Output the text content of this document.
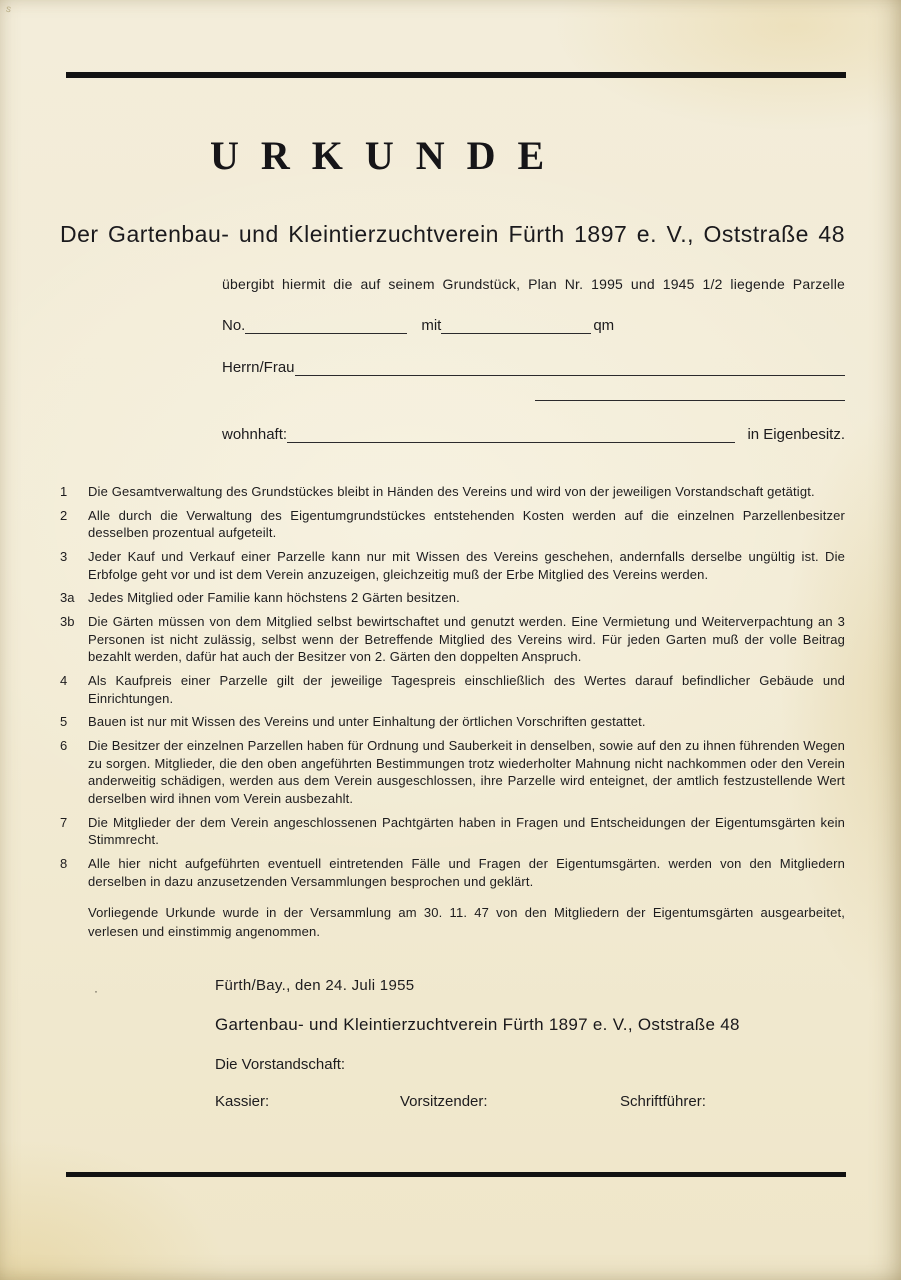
s
·
URKUNDE
Der Gartenbau- und Kleintierzuchtverein Fürth 1897 e. V., Oststraße 48
übergibt hiermit die auf seinem Grundstück, Plan Nr. 1995 und 1945 1/2 liegende Parzelle
No.	mit	qm
Herrn/Frau
wohnhaft:	in Eigenbesitz.
1	Die Gesamtverwaltung des Grundstückes bleibt in Händen des Vereins und wird von der jeweiligen Vorstandschaft getätigt.
2	Alle durch die Verwaltung des Eigentumgrundstückes entstehenden Kosten werden auf die einzelnen Parzellenbesitzer desselben prozentual aufgeteilt.
3	Jeder Kauf und Verkauf einer Parzelle kann nur mit Wissen des Vereins geschehen, andernfalls derselbe ungültig ist. Die Erbfolge geht vor und ist dem Verein anzuzeigen, gleichzeitig muß der Erbe Mitglied des Vereins werden.
3a	Jedes Mitglied oder Familie kann höchstens 2 Gärten besitzen.
3b	Die Gärten müssen von dem Mitglied selbst bewirtschaftet und genutzt werden. Eine Vermietung und Weiterverpachtung an 3 Personen ist nicht zulässig, selbst wenn der Betreffende Mitglied des Vereins wird. Für jeden Garten muß der volle Beitrag bezahlt werden, dafür hat auch der Besitzer von 2. Gärten den doppelten Anspruch.
4	Als Kaufpreis einer Parzelle gilt der jeweilige Tagespreis einschließlich des Wertes darauf befindlicher Gebäude und Einrichtungen.
5	Bauen ist nur mit Wissen des Vereins und unter Einhaltung der örtlichen Vorschriften gestattet.
6	Die Besitzer der einzelnen Parzellen haben für Ordnung und Sauberkeit in denselben, sowie auf den zu ihnen führenden Wegen zu sorgen. Mitglieder, die den oben angeführten Bestimmungen trotz wiederholter Mahnung nicht nachkommen oder den Verein anderweitig schädigen, werden aus dem Verein ausgeschlossen, ihre Parzelle wird enteignet, der amtlich festzustellende Wert derselben wird ihnen vom Verein ausbezahlt.
7	Die Mitglieder der dem Verein angeschlossenen Pachtgärten haben in Fragen und Entscheidungen der Eigentumsgärten kein Stimmrecht.
8	Alle hier nicht aufgeführten eventuell eintretenden Fälle und Fragen der Eigentumsgärten. werden von den Mitgliedern derselben in dazu anzusetzenden Versammlungen besprochen und geklärt.
Vorliegende Urkunde wurde in der Versammlung am 30. 11. 47 von den Mitgliedern der Eigentumsgärten ausgearbeitet, verlesen und einstimmig angenommen.
Fürth/Bay., den 24. Juli 1955
Gartenbau- und Kleintierzuchtverein Fürth 1897 e. V., Oststraße 48
Die Vorstandschaft:
Kassier:	Vorsitzender:	Schriftführer:
